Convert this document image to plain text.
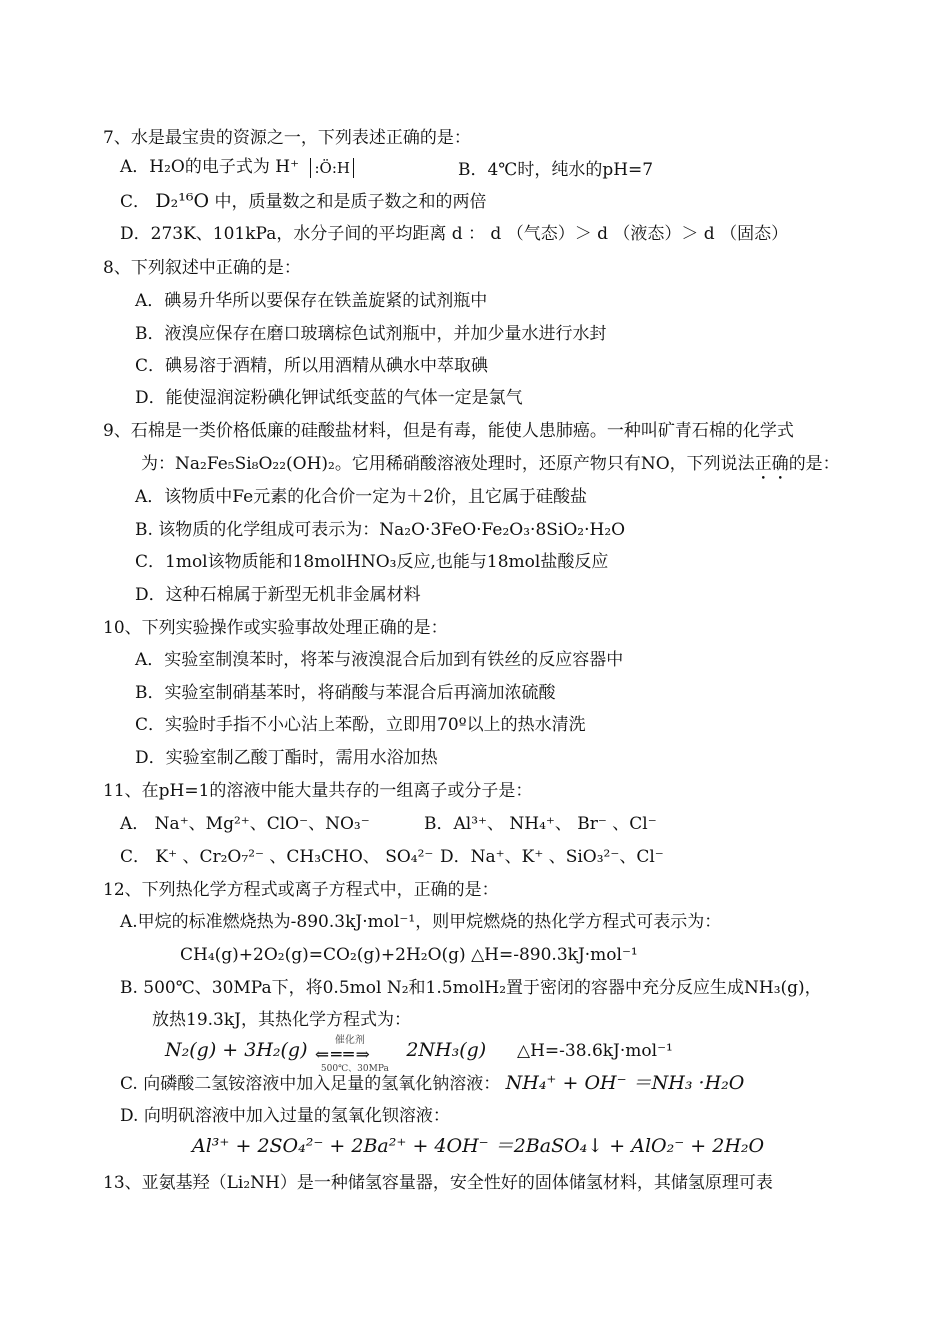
7、水是最宝贵的资源之一，下列表述正确的是：
A．H₂O的电子式为 H⁺ :Ö:H	B．4℃时，纯水的pH=7
C． D₂¹⁶O 中，质量数之和是质子数之和的两倍
D．273K、101kPa，水分子间的平均距离 d ： d （气态）＞ d （液态）＞ d （固态）
8、下列叙述中正确的是：
A．碘易升华所以要保存在铁盖旋紧的试剂瓶中
B．液溴应保存在磨口玻璃棕色试剂瓶中，并加少量水进行水封
C．碘易溶于酒精，所以用酒精从碘水中萃取碘
D．能使湿润淀粉碘化钾试纸变蓝的气体一定是氯气
9、石棉是一类价格低廉的硅酸盐材料，但是有毒，能使人患肺癌。一种叫矿青石棉的化学式
为：Na₂Fe₅Si₈O₂₂(OH)₂。它用稀硝酸溶液处理时，还原产物只有NO，下列说法正确的是：
A．该物质中Fe元素的化合价一定为＋2价，且它属于硅酸盐
B. 该物质的化学组成可表示为：Na₂O·3FeO·Fe₂O₃·8SiO₂·H₂O
C．1mol该物质能和18molHNO₃反应,也能与18mol盐酸反应
D．这种石棉属于新型无机非金属材料
10、下列实验操作或实验事故处理正确的是：
A．实验室制溴苯时，将苯与液溴混合后加到有铁丝的反应容器中
B．实验室制硝基苯时，将硝酸与苯混合后再滴加浓硫酸
C．实验时手指不小心沾上苯酚，立即用70º以上的热水清洗
D．实验室制乙酸丁酯时，需用水浴加热
11、在pH=1的溶液中能大量共存的一组离子或分子是：
A． Na⁺、Mg²⁺、ClO⁻、NO₃⁻	B．Al³⁺、 NH₄⁺、 Br⁻ 、Cl⁻
C． K⁺ 、Cr₂O₇²⁻ 、CH₃CHO、 SO₄²⁻ D．Na⁺、K⁺ 、SiO₃²⁻、Cl⁻
12、下列热化学方程式或离子方程式中，正确的是：
A.甲烷的标准燃烧热为-890.3kJ·mol⁻¹，则甲烷燃烧的热化学方程式可表示为：
CH₄(g)+2O₂(g)=CO₂(g)+2H₂O(g) △H=-890.3kJ·mol⁻¹
B. 500℃、30MPa下，将0.5mol N₂和1.5molH₂置于密闭的容器中充分反应生成NH₃(g)，
放热19.3kJ，其热化学方程式为：
N₂(g) + 3H₂(g)	催化剂
⇐══⇒
500℃、30MPa
2NH₃(g) △H=-38.6kJ·mol⁻¹
C. 向磷酸二氢铵溶液中加入足量的氢氧化钠溶液： NH₄⁺ + OH⁻ ＝NH₃ ·H₂O
D. 向明矾溶液中加入过量的氢氧化钡溶液：
Al³⁺ + 2SO₄²⁻ + 2Ba²⁺ + 4OH⁻ ＝2BaSO₄↓ + AlO₂⁻ + 2H₂O
13、亚氨基羟（Li₂NH）是一种储氢容量器，安全性好的固体储氢材料，其储氢原理可表
